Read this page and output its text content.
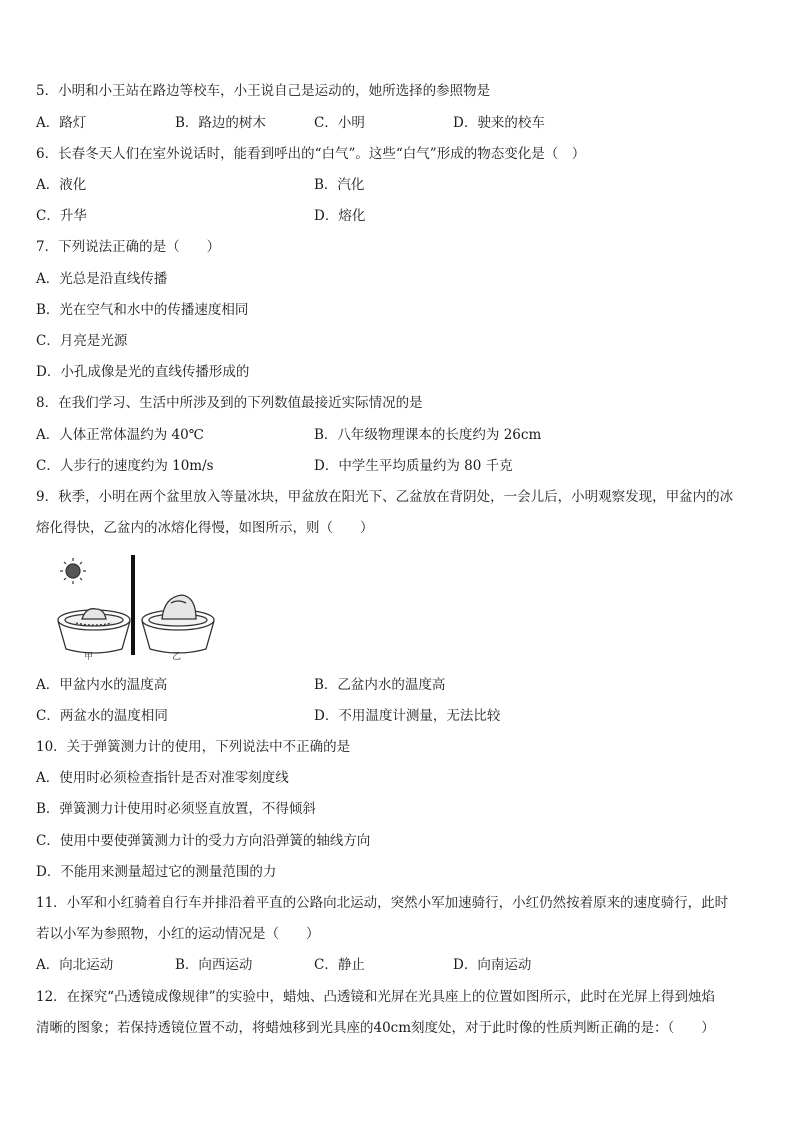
5．小明和小王站在路边等校车，小王说自己是运动的，她所选择的参照物是
A．路灯	B．路边的树木	C．小明	D．驶来的校车
6．长春冬天人们在室外说话时，能看到呼出的“白气”。这些“白气”形成的物态变化是（　）
A．液化	B．汽化
C．升华	D．熔化
7．下列说法正确的是（　　）
A．光总是沿直线传播
B．光在空气和水中的传播速度相同
C．月亮是光源
D．小孔成像是光的直线传播形成的
8．在我们学习、生活中所涉及到的下列数值最接近实际情况的是
A．人体正常体温约为 40℃	B．八年级物理课本的长度约为 26cm
C．人步行的速度约为 10m/s	D．中学生平均质量约为 80 千克
9．秋季，小明在两个盆里放入等量冰块，甲盆放在阳光下、乙盆放在背阴处，一会儿后，小明观察发现，甲盆内的冰
熔化得快，乙盆内的冰熔化得慢，如图所示，则（　　）
甲	乙
A．甲盆内水的温度高	B．乙盆内水的温度高
C．两盆水的温度相同	D．不用温度计测量，无法比较
10．关于弹簧测力计的使用，下列说法中不正确的是
A．使用时必须检查指针是否对准零刻度线
B．弹簧测力计使用时必须竖直放置，不得倾斜
C．使用中要使弹簧测力计的受力方向沿弹簧的轴线方向
D．不能用来测量超过它的测量范围的力
11．小军和小红骑着自行车并排沿着平直的公路向北运动，突然小军加速骑行，小红仍然按着原来的速度骑行，此时
若以小军为参照物，小红的运动情况是（　　）
A．向北运动	B．向西运动	C．静止	D．向南运动
12．在探究“凸透镜成像规律”的实验中，蜡烛、凸透镜和光屏在光具座上的位置如图所示，此时在光屏上得到烛焰
清晰的图象；若保持透镜位置不动，将蜡烛移到光具座的40cm刻度处，对于此时像的性质判断正确的是：（　　）
